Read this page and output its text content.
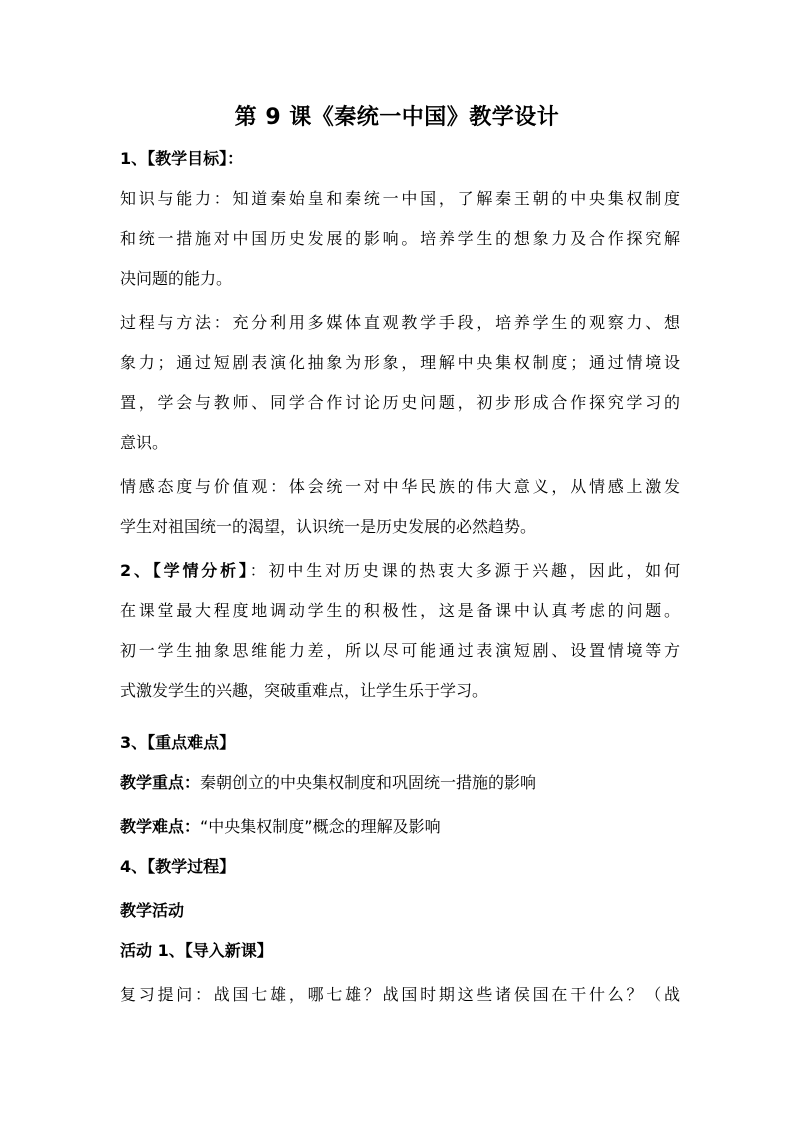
第 9 课《秦统一中国》教学设计
1、【教学目标】：
知识与能力：知道秦始皇和秦统一中国，了解秦王朝的中央集权制度
和统一措施对中国历史发展的影响。培养学生的想象力及合作探究解
决问题的能力。
过程与方法：充分利用多媒体直观教学手段，培养学生的观察力、想
象力；通过短剧表演化抽象为形象，理解中央集权制度；通过情境设
置，学会与教师、同学合作讨论历史问题，初步形成合作探究学习的
意识。
情感态度与价值观：体会统一对中华民族的伟大意义，从情感上激发
学生对祖国统一的渴望，认识统一是历史发展的必然趋势。
2、【学情分析】：初中生对历史课的热衷大多源于兴趣，因此，如何
在课堂最大程度地调动学生的积极性，这是备课中认真考虑的问题。
初一学生抽象思维能力差，所以尽可能通过表演短剧、设置情境等方
式激发学生的兴趣，突破重难点，让学生乐于学习。
3、【重点难点】
教学重点：秦朝创立的中央集权制度和巩固统一措施的影响
教学难点：“中央集权制度”概念的理解及影响
4、【教学过程】
教学活动
活动 1、【导入新课】
复习提问：战国七雄，哪七雄？战国时期这些诸侯国在干什么？（战
